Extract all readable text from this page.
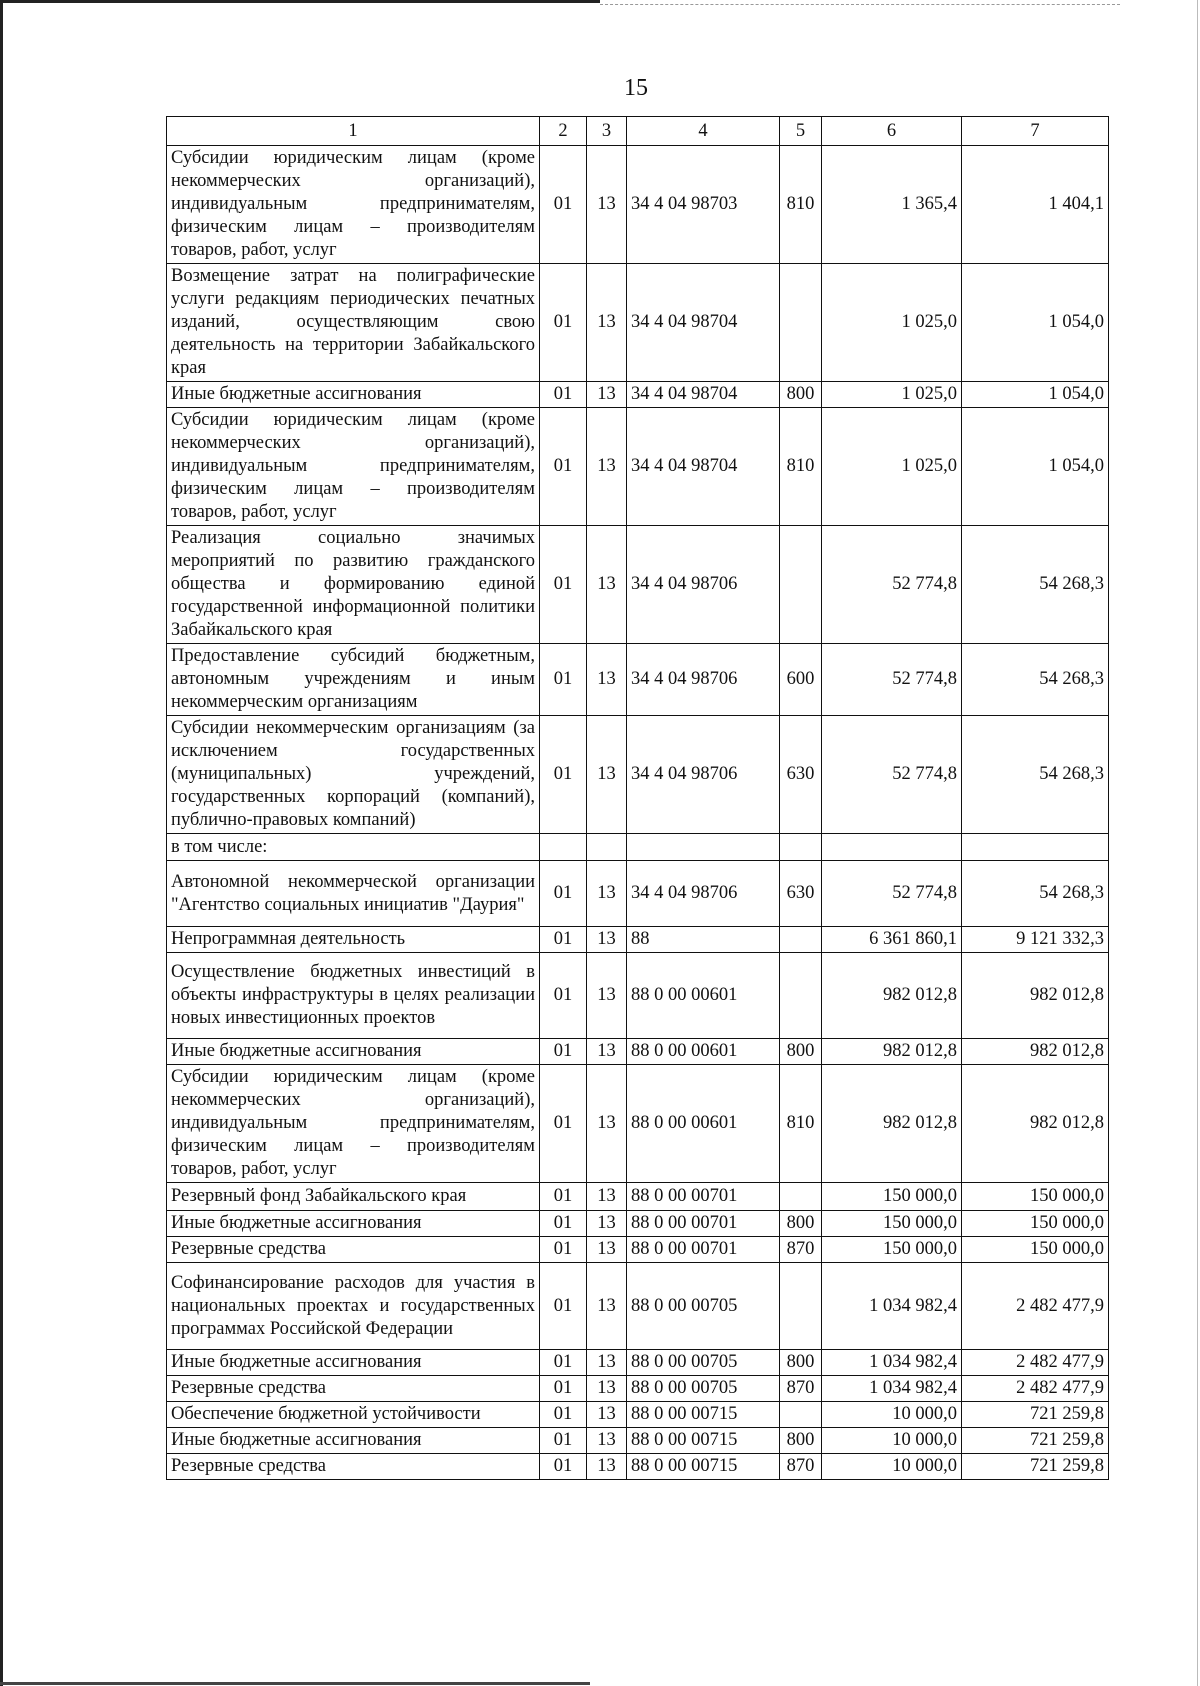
15
1	2	3	4	5	6	7
Субсидии юридическим лицам (кроме некоммерческих организаций), индивидуальным предпринимателям, физическим лицам – производителям товаров, работ, услуг	01	13	34 4 04 98703	810	1 365,4	1 404,1
Возмещение затрат на полиграфические услуги редакциям периодических печатных изданий, осуществляющим свою деятельность на территории Забайкальского края	01	13	34 4 04 98704		1 025,0	1 054,0
Иные бюджетные ассигнования	01	13	34 4 04 98704	800	1 025,0	1 054,0
Субсидии юридическим лицам (кроме некоммерческих организаций), индивидуальным предпринимателям, физическим лицам – производителям товаров, работ, услуг	01	13	34 4 04 98704	810	1 025,0	1 054,0
Реализация социально значимых мероприятий по развитию гражданского общества и формированию единой государственной информационной политики Забайкальского края	01	13	34 4 04 98706		52 774,8	54 268,3
Предоставление субсидий бюджетным, автономным учреждениям и иным некоммерческим организациям	01	13	34 4 04 98706	600	52 774,8	54 268,3
Субсидии некоммерческим организациям (за исключением государственных (муниципальных) учреждений, государственных корпораций (компаний), публично-правовых компаний)	01	13	34 4 04 98706	630	52 774,8	54 268,3
в том числе:						
Автономной некоммерческой организации "Агентство социальных инициатив "Даурия"	01	13	34 4 04 98706	630	52 774,8	54 268,3
Непрограммная деятельность	01	13	88		6 361 860,1	9 121 332,3
Осуществление бюджетных инвестиций в объекты инфраструктуры в целях реализации новых инвестиционных проектов	01	13	88 0 00 00601		982 012,8	982 012,8
Иные бюджетные ассигнования	01	13	88 0 00 00601	800	982 012,8	982 012,8
Субсидии юридическим лицам (кроме некоммерческих организаций), индивидуальным предпринимателям, физическим лицам – производителям товаров, работ, услуг	01	13	88 0 00 00601	810	982 012,8	982 012,8
Резервный фонд Забайкальского края	01	13	88 0 00 00701		150 000,0	150 000,0
Иные бюджетные ассигнования	01	13	88 0 00 00701	800	150 000,0	150 000,0
Резервные средства	01	13	88 0 00 00701	870	150 000,0	150 000,0
Софинансирование расходов для участия в национальных проектах и государственных программах Российской Федерации	01	13	88 0 00 00705		1 034 982,4	2 482 477,9
Иные бюджетные ассигнования	01	13	88 0 00 00705	800	1 034 982,4	2 482 477,9
Резервные средства	01	13	88 0 00 00705	870	1 034 982,4	2 482 477,9
Обеспечение бюджетной устойчивости	01	13	88 0 00 00715		10 000,0	721 259,8
Иные бюджетные ассигнования	01	13	88 0 00 00715	800	10 000,0	721 259,8
Резервные средства	01	13	88 0 00 00715	870	10 000,0	721 259,8
